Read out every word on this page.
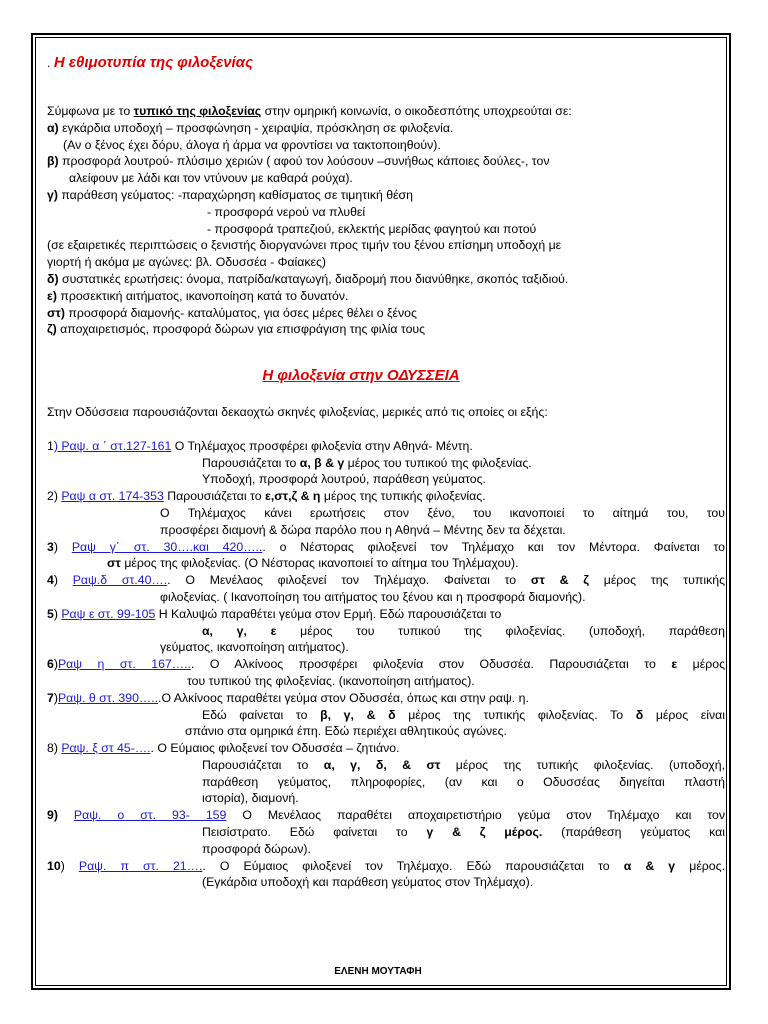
. Η εθιμοτυπία της φιλοξενίας
Σύμφωνα με το τυπικό της φιλοξενίας στην ομηρική κοινωνία, ο οικοδεσπότης υποχρεούται σε:
α) εγκάρδια υποδοχή – προσφώνηση - χειραψία, πρόσκληση σε φιλοξενία.
(Αν ο ξένος έχει δόρυ, άλογα ή άρμα να φροντίσει να τακτοποιηθούν).
β) προσφορά λουτρού- πλύσιμο χεριών ( αφού τον λούσουν –συνήθως κάποιες δούλες-, τον
αλείφουν με λάδι και τον ντύνουν με καθαρά ρούχα).
γ) παράθεση γεύματος: -παραχώρηση καθίσματος σε τιμητική θέση
- προσφορά νερού να πλυθεί
- προσφορά τραπεζιού, εκλεκτής μερίδας φαγητού και ποτού
(σε εξαιρετικές περιπτώσεις ο ξενιστής διοργανώνει προς τιμήν του ξένου επίσημη υποδοχή με
γιορτή ή ακόμα με αγώνες: βλ. Οδυσσέα - Φαίακες)
δ) συστατικές ερωτήσεις: όνομα, πατρίδα/καταγωγή, διαδρομή που διανύθηκε, σκοπός ταξιδιού.
ε) προσεκτική αιτήματος, ικανοποίηση κατά το δυνατόν.
στ) προσφορά διαμονής- καταλύματος, για όσες μέρες θέλει ο ξένος
ζ) αποχαιρετισμός, προσφορά δώρων για επισφράγιση της φιλία τους
Η φιλοξενία στην ΟΔΥΣΣΕΙΑ
Στην Οδύσσεια παρουσιάζονται δεκαοχτώ σκηνές φιλοξενίας, μερικές από τις οποίες οι εξής:
1) Ραψ. α ΄ στ.127-161 Ο Τηλέμαχος προσφέρει φιλοξενία στην Αθηνά- Μέντη.
Παρουσιάζεται το α, β & γ μέρος του τυπικού της φιλοξενίας.
Υποδοχή, προσφορά λουτρού, παράθεση γεύματος.
2) Ραψ α στ. 174-353 Παρουσιάζεται το ε,στ,ζ & η μέρος της τυπικής φιλοξενίας.
Ο Τηλέμαχος κάνει ερωτήσεις στον ξένο, του ικανοποιεί το αίτημά του, του
προσφέρει διαμονή & δώρα παρόλο που η Αθηνά – Μέντης δεν τα δέχεται.
3) Ραψ γ΄ στ. 30….και 420…... ο Νέστορας φιλοξενεί τον Τηλέμαχο και τον Μέντορα. Φαίνεται το
στ μέρος της φιλοξενίας. (Ο Νέστορας ικανοποιεί το αίτημα του Τηλέμαχου).
4) Ραψ.δ στ.40….. Ο Μενέλαος φιλοξενεί τον Τηλέμαχο. Φαίνεται το στ & ζ μέρος της τυπικής
φιλοξενίας. ( Ικανοποίηση του αιτήματος του ξένου και η προσφορά διαμονής).
5) Ραψ ε στ. 99-105 Η Καλυψώ παραθέτει γεύμα στον Ερμή. Εδώ παρουσιάζεται το
α, γ, ε μέρος του τυπικού της φιλοξενίας. (υποδοχή, παράθεση
γεύματος, ικανοποίηση αιτήματος).
6)Ραψ η στ. 167…... Ο Αλκίνοος προσφέρει φιλοξενία στον Οδυσσέα. Παρουσιάζεται το ε μέρος
του τυπικού της φιλοξενίας. (ικανοποίηση αιτήματος).
7)Ραψ. θ στ. 390…...Ο Αλκίνοος παραθέτει γεύμα στον Οδυσσέα, όπως και στην ραψ. η.
Εδώ φαίνεται το β, γ, & δ μέρος της τυπικής φιλοξενίας. Το δ μέρος είναι
σπάνιο στα ομηρικά έπη. Εδώ περιέχει αθλητικούς αγώνες.
8) Ραψ. ξ στ 45-….. Ο Εύμαιος φιλοξενεί τον Οδυσσέα – ζητιάνο.
Παρουσιάζεται το α, γ, δ, & στ μέρος της τυπικής φιλοξενίας. (υποδοχή,
παράθεση γεύματος, πληροφορίες, (αν και ο Οδυσσέας διηγείται πλαστή
ιστορία), διαμονή.
9) Ραψ. ο στ. 93- 159 Ο Μενέλαος παραθέτει αποχαιρετιστήριο γεύμα στον Τηλέμαχο και τον
Πεισίστρατο. Εδώ φαίνεται το γ & ζ μέρος. (παράθεση γεύματος και
προσφορά δώρων).
10) Ραψ. π στ. 21….. Ο Εύμαιος φιλοξενεί τον Τηλέμαχο. Εδώ παρουσιάζεται το α & γ μέρος.
(Εγκάρδια υποδοχή και παράθεση γεύματος στον Τηλέμαχο).
ΕΛΕΝΗ ΜΟΥΤΑΦΗ
